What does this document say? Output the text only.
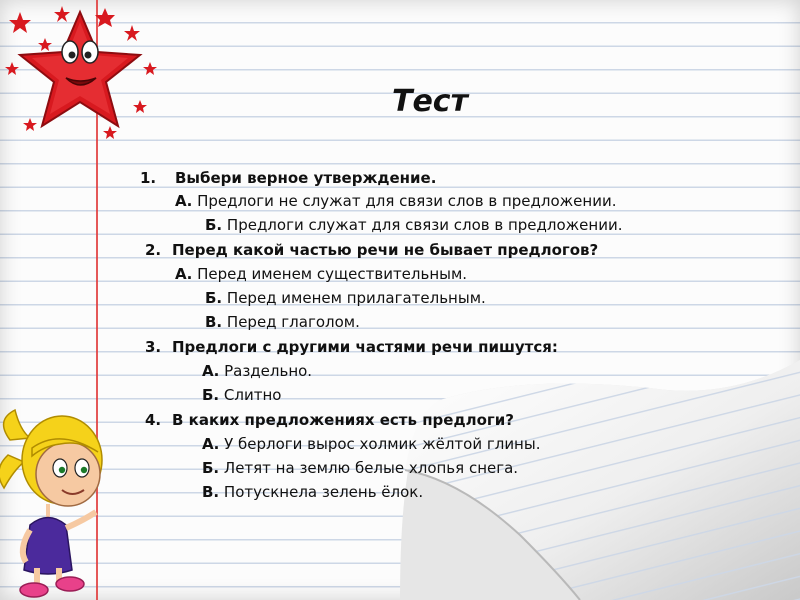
Тест
1. Выбери верное утверждение.
А. Предлоги не служат для связи слов в предложении.
Б. Предлоги служат для связи слов в предложении.
2. Перед какой частью речи не бывает предлогов?
А. Перед именем существительным.
Б. Перед именем прилагательным.
В. Перед глаголом.
3. Предлоги с другими частями речи пишутся:
А. Раздельно.
Б. Слитно
4. В каких предложениях есть предлоги?
А. У берлоги вырос холмик жёлтой глины.
Б. Летят на землю белые хлопья снега.
В. Потускнела зелень ёлок.
